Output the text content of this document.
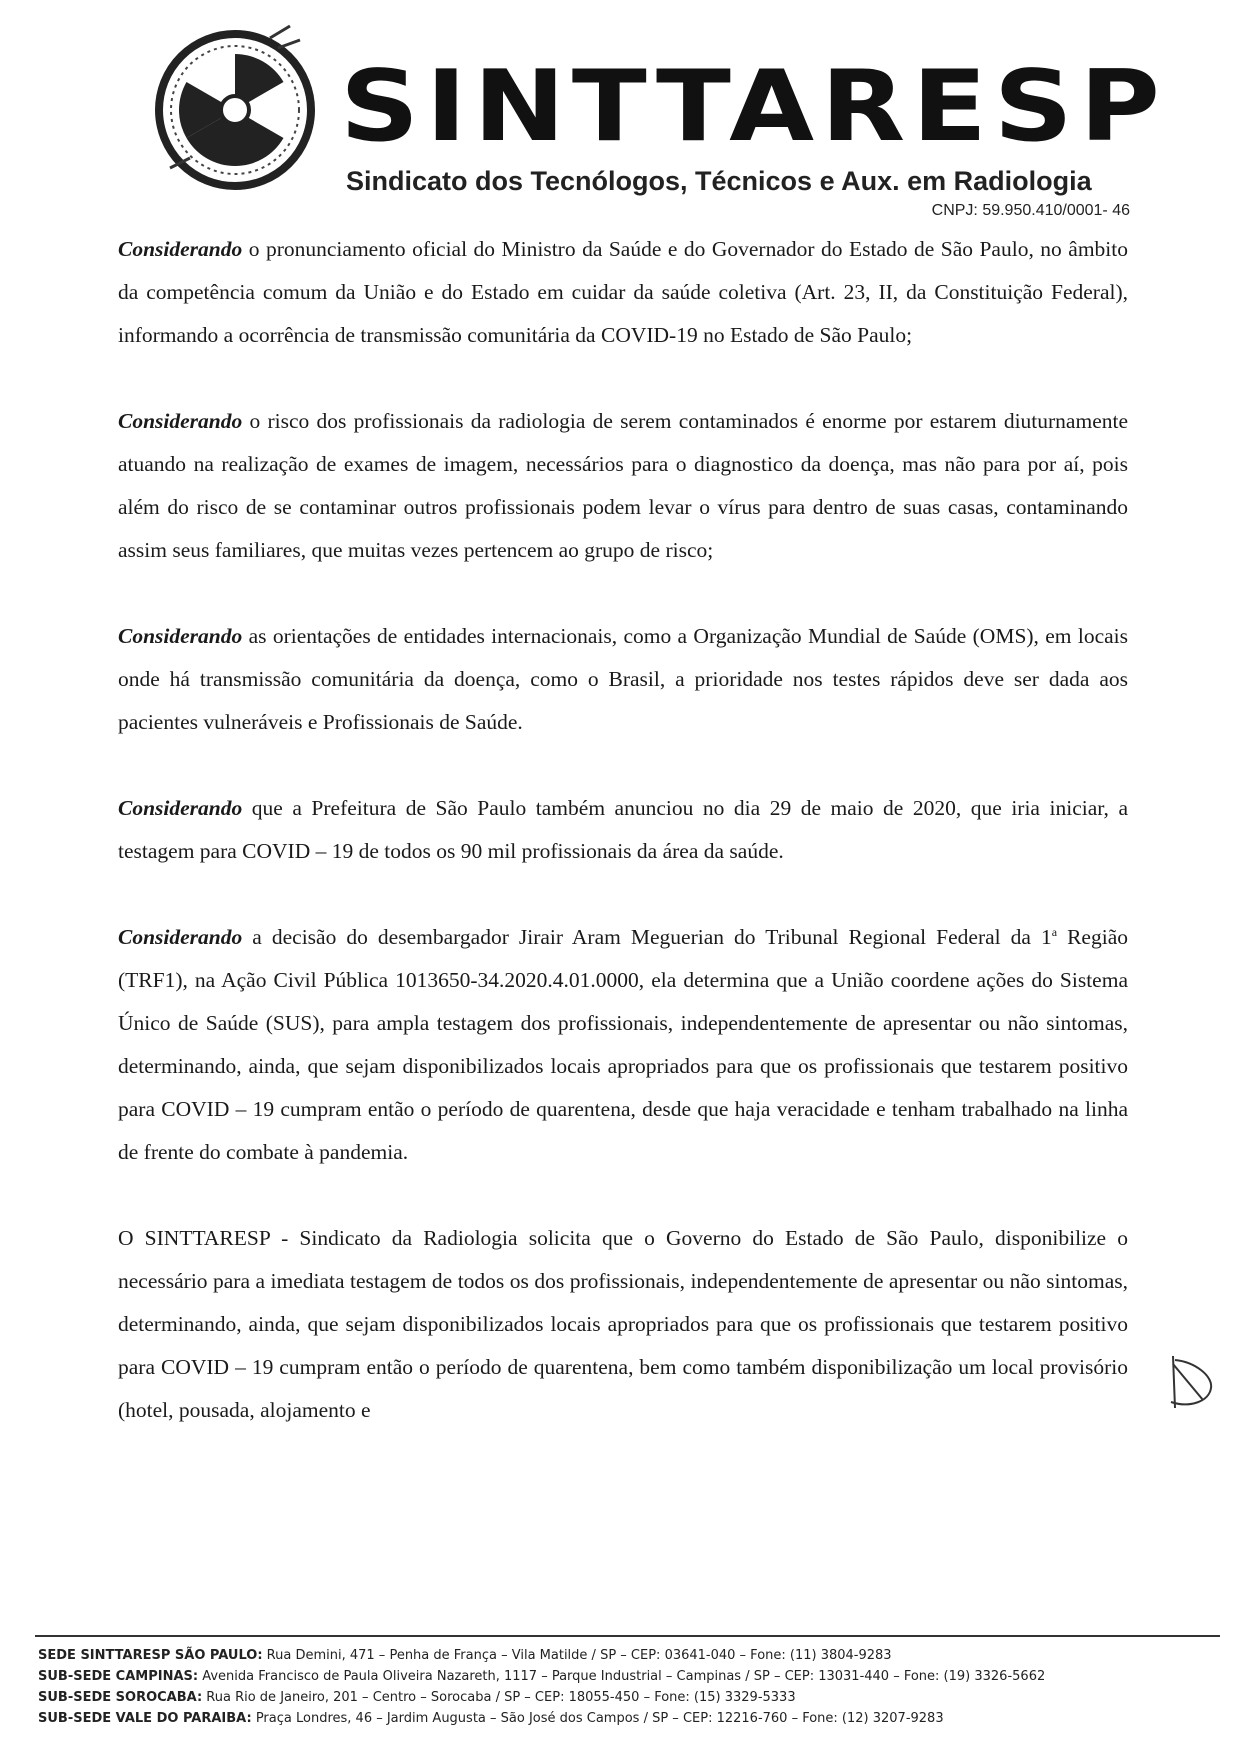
SINTTARESP
Sindicato dos Tecnólogos, Técnicos e Aux. em Radiologia
CNPJ: 59.950.410/0001- 46

Considerando o pronunciamento oficial do Ministro da Saúde e do Governador do Estado de São Paulo, no âmbito da competência comum da União e do Estado em cuidar da saúde coletiva (Art. 23, II, da Constituição Federal), informando a ocorrência de transmissão comunitária da COVID-19 no Estado de São Paulo;

Considerando o risco dos profissionais da radiologia de serem contaminados é enorme por estarem diuturnamente atuando na realização de exames de imagem, necessários para o diagnostico da doença, mas não para por aí, pois além do risco de se contaminar outros profissionais podem levar o vírus para dentro de suas casas, contaminando assim seus familiares, que muitas vezes pertencem ao grupo de risco;

Considerando as orientações de entidades internacionais, como a Organização Mundial de Saúde (OMS), em locais onde há transmissão comunitária da doença, como o Brasil, a prioridade nos testes rápidos deve ser dada aos pacientes vulneráveis e Profissionais de Saúde.

Considerando que a Prefeitura de São Paulo também anunciou no dia 29 de maio de 2020, que iria iniciar, a testagem para COVID – 19 de todos os 90 mil profissionais da área da saúde.

Considerando a decisão do desembargador Jirair Aram Meguerian do Tribunal Regional Federal da 1$^a$ Região (TRF1), na Ação Civil Pública 1013650-34.2020.4.01.0000, ela determina que a União coordene ações do Sistema Único de Saúde (SUS), para ampla testagem dos profissionais, independentemente de apresentar ou não sintomas, determinando, ainda, que sejam disponibilizados locais apropriados para que os profissionais que testarem positivo para COVID – 19 cumpram então o período de quarentena, desde que haja veracidade e tenham trabalhado na linha de frente do combate à pandemia.

O SINTTARESP - Sindicato da Radiologia solicita que o Governo do Estado de São Paulo, disponibilize o necessário para a imediata testagem de todos os dos profissionais, independentemente de apresentar ou não sintomas, determinando, ainda, que sejam disponibilizados locais apropriados para que os profissionais que testarem positivo para COVID – 19 cumpram então o período de quarentena, bem como também disponibilização um local provisório (hotel, pousada, alojamento e

SEDE SINTTARESP SÃO PAULO: Rua Demini, 471 – Penha de França – Vila Matilde / SP – CEP: 03641-040 – Fone: (11) 3804-9283
SUB-SEDE CAMPINAS: Avenida Francisco de Paula Oliveira Nazareth, 1117 – Parque Industrial – Campinas / SP – CEP: 13031-440 – Fone: (19) 3326-5662
SUB-SEDE SOROCABA: Rua Rio de Janeiro, 201 – Centro – Sorocaba / SP – CEP: 18055-450 – Fone: (15) 3329-5333
SUB-SEDE VALE DO PARAIBA: Praça Londres, 46 – Jardim Augusta – São José dos Campos / SP – CEP: 12216-760 – Fone: (12) 3207-9283
